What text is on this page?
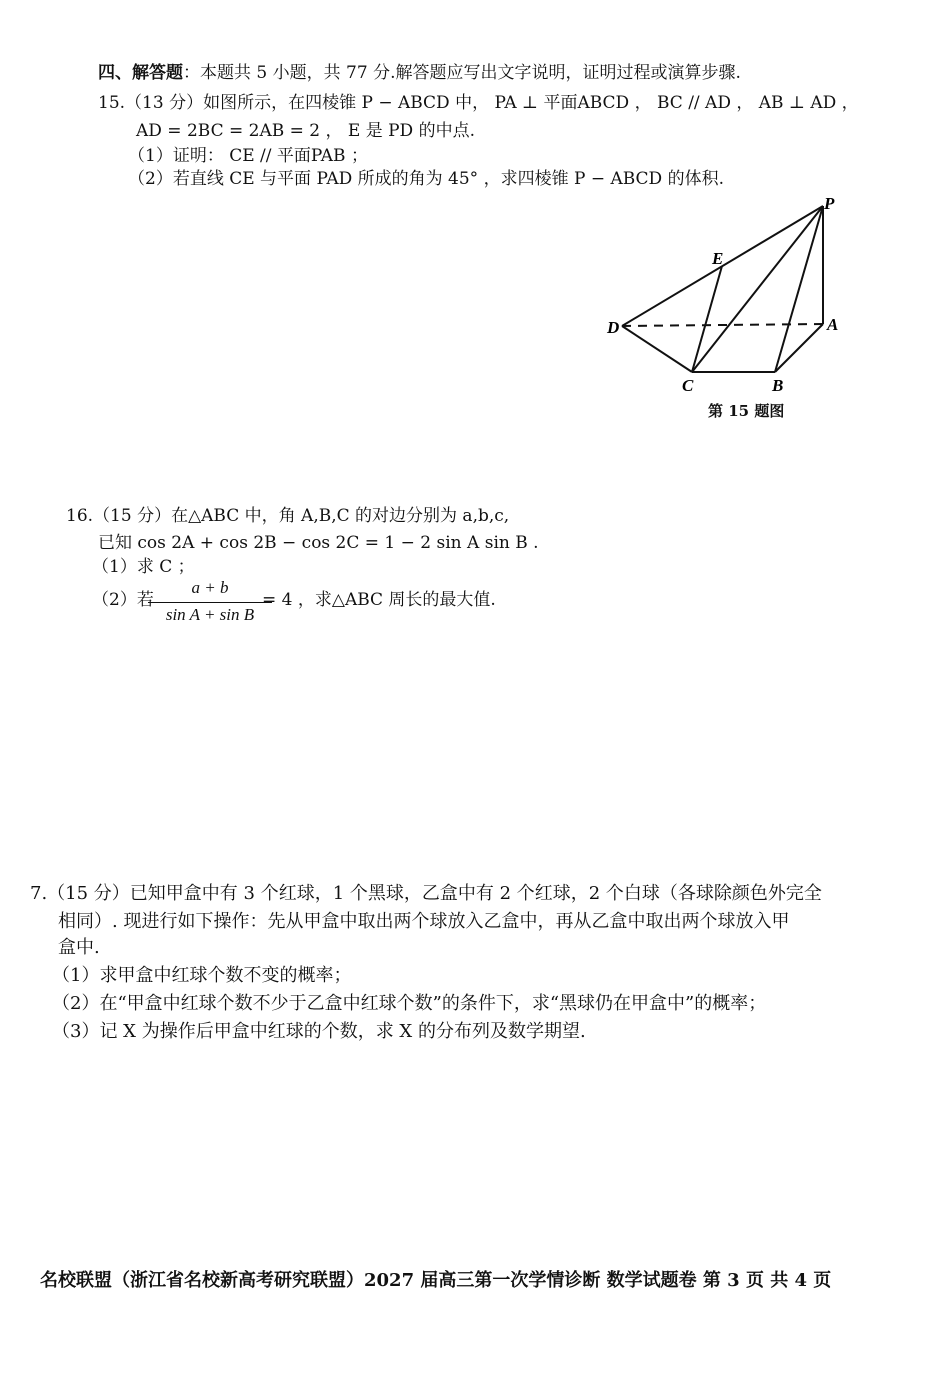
四、解答题：本题共 5 小题，共 77 分.解答题应写出文字说明，证明过程或演算步骤.
15.（13 分）如图所示，在四棱锥 P − ABCD 中， PA ⊥ 平面ABCD ， BC // AD ， AB ⊥ AD ，
AD = 2BC = 2AB = 2 ， E 是 PD 的中点.
（1）证明： CE // 平面PAB ；
（2）若直线 CE 与平面 PAD 所成的角为 45° ，求四棱锥 P − ABCD 的体积.
P
E
D	A
C	B
第 15 题图
16.（15 分）在△ABC 中，角 A,B,C 的对边分别为 a,b,c,
已知 cos 2A + cos 2B − cos 2C = 1 − 2 sin A sin B .
（1）求 C ；
（2）若
a + b
sin A + sin B
= 4 ，求△ABC 周长的最大值.
7.（15 分）已知甲盒中有 3 个红球，1 个黑球，乙盒中有 2 个红球，2 个白球（各球除颜色外完全
相同）. 现进行如下操作：先从甲盒中取出两个球放入乙盒中，再从乙盒中取出两个球放入甲
盒中.
（1）求甲盒中红球个数不变的概率；
（2）在“甲盒中红球个数不少于乙盒中红球个数”的条件下，求“黑球仍在甲盒中”的概率；
（3）记 X 为操作后甲盒中红球的个数，求 X 的分布列及数学期望.
名校联盟（浙江省名校新高考研究联盟）2027 届高三第一次学情诊断 数学试题卷 第 3 页 共 4 页
